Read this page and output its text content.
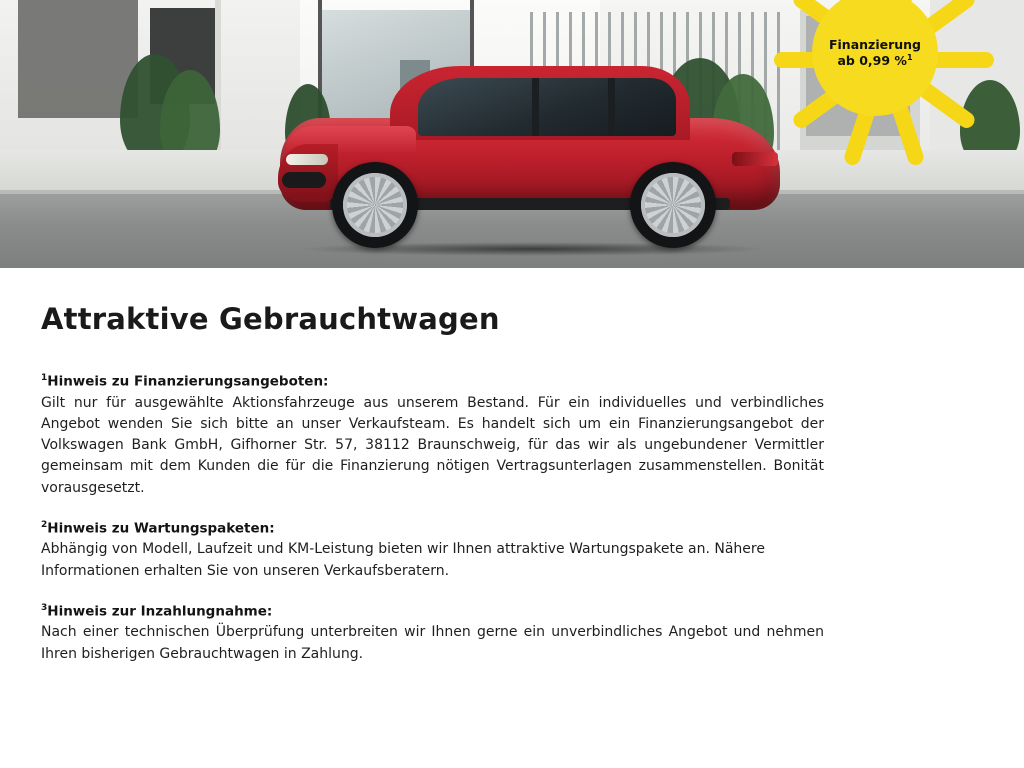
Finanzierung
ab 0,99 %$^1$
Attraktive Gebrauchtwagen
$^1$Hinweis zu Finanzierungsangeboten:
Gilt nur für ausgewählte Aktionsfahrzeuge aus unserem Bestand. Für ein individuelles und verbindliches Angebot wenden Sie sich bitte an unser Verkaufsteam. Es handelt sich um ein Finanzierungsangebot der Volkswagen Bank GmbH, Gifhorner Str. 57, 38112 Braunschweig, für das wir als ungebundener Vermittler gemeinsam mit dem Kunden die für die Finanzierung nötigen Vertragsunterlagen zusammenstellen. Bonität vorausgesetzt.
$^2$Hinweis zu Wartungspaketen:
Abhängig von Modell, Laufzeit und KM-Leistung bieten wir Ihnen attraktive Wartungspakete an. Nähere Informationen erhalten Sie von unseren Verkaufsberatern.
$^3$Hinweis zur Inzahlungnahme:
Nach einer technischen Überprüfung unterbreiten wir Ihnen gerne ein unverbindliches Angebot und nehmen Ihren bisherigen Gebrauchtwagen in Zahlung.
